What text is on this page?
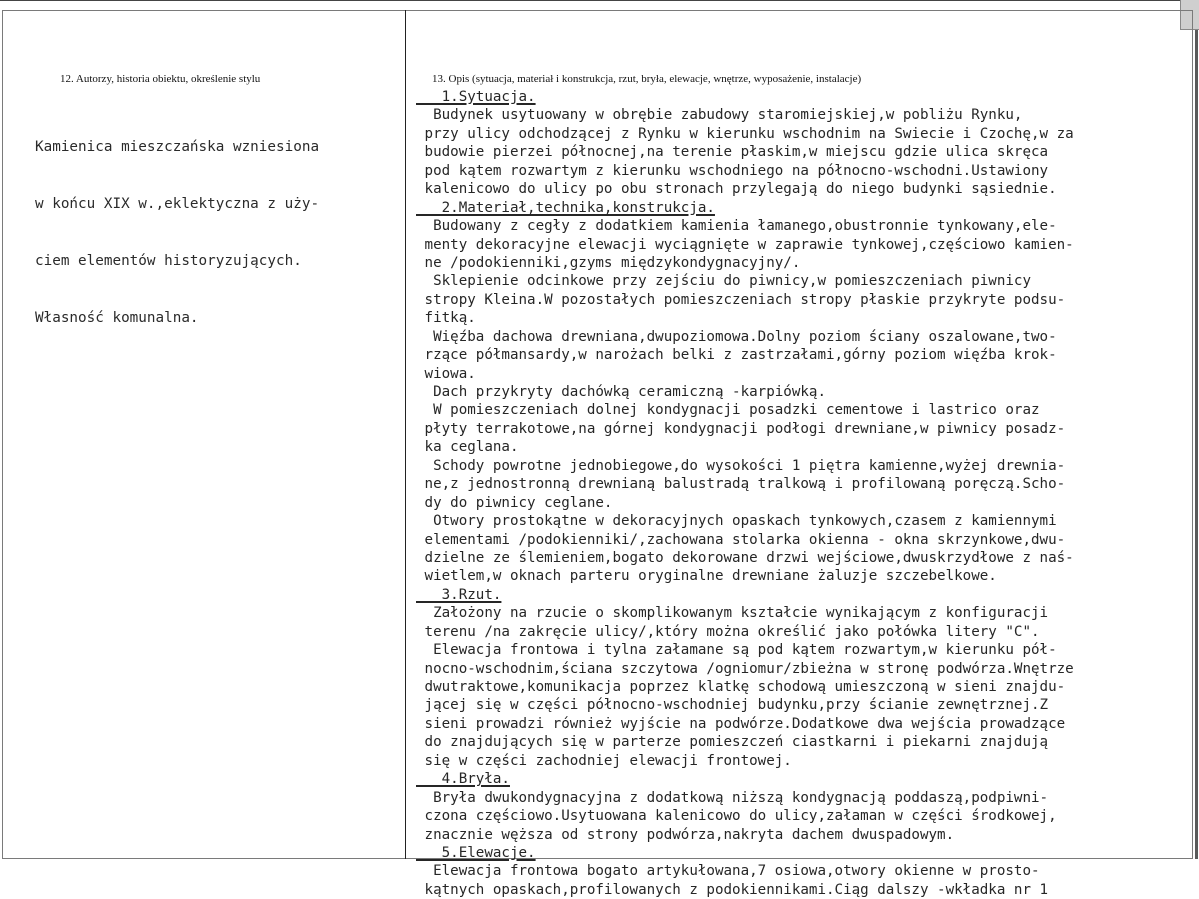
12. Autorzy, historia obiektu, określenie stylu	13. Opis (sytuacja, materiał i konstrukcja, rzut, bryła, elewacje, wnętrze, wyposażenie, instalacje)

Kamienica mieszczańska wzniesiona

w końcu XIX w.,eklektyczna z uży-

ciem elementów historyzujących.

Własność komunalna.

1.Sytuacja.
Budynek usytuowany w obrębie zabudowy staromiejskiej,w pobliżu Rynku,
przy ulicy odchodzącej z Rynku w kierunku wschodnim na Swiecie i Czochę,w za
budowie pierzei północnej,na terenie płaskim,w miejscu gdzie ulica skręca
pod kątem rozwartym z kierunku wschodniego na północno-wschodni.Ustawiony
kalenicowo do ulicy po obu stronach przylegają do niego budynki sąsiednie.
2.Materiał,technika,konstrukcja.
Budowany z cegły z dodatkiem kamienia łamanego,obustronnie tynkowany,ele-
menty dekoracyjne elewacji wyciągnięte w zaprawie tynkowej,częściowo kamien-
ne /podokienniki,gzyms międzykondygnacyjny/.
Sklepienie odcinkowe przy zejściu do piwnicy,w pomieszczeniach piwnicy
stropy Kleina.W pozostałych pomieszczeniach stropy płaskie przykryte podsu-
fitką.
Więźba dachowa drewniana,dwupoziomowa.Dolny poziom ściany oszalowane,two-
rzące półmansardy,w narożach belki z zastrzałami,górny poziom więźba krok-
wiowa.
Dach przykryty dachówką ceramiczną -karpiówką.
W pomieszczeniach dolnej kondygnacji posadzki cementowe i lastrico oraz
płyty terrakotowe,na górnej kondygnacji podłogi drewniane,w piwnicy posadz-
ka ceglana.
Schody powrotne jednobiegowe,do wysokości 1 piętra kamienne,wyżej drewnia-
ne,z jednostronną drewnianą balustradą tralkową i profilowaną poręczą.Scho-
dy do piwnicy ceglane.
Otwory prostokątne w dekoracyjnych opaskach tynkowych,czasem z kamiennymi
elementami /podokienniki/,zachowana stolarka okienna - okna skrzynkowe,dwu-
dzielne ze ślemieniem,bogato dekorowane drzwi wejściowe,dwuskrzydłowe z naś-
wietlem,w oknach parteru oryginalne drewniane żaluzje szczebelkowe.
3.Rzut.
Założony na rzucie o skomplikowanym kształcie wynikającym z konfiguracji
terenu /na zakręcie ulicy/,który można określić jako połówka litery "C".
Elewacja frontowa i tylna załamane są pod kątem rozwartym,w kierunku pół-
nocno-wschodnim,ściana szczytowa /ogniomur/zbieżna w stronę podwórza.Wnętrze
dwutraktowe,komunikacja poprzez klatkę schodową umieszczoną w sieni znajdu-
jącej się w części północno-wschodniej budynku,przy ścianie zewnętrznej.Z
sieni prowadzi również wyjście na podwórze.Dodatkowe dwa wejścia prowadzące
do znajdujących się w parterze pomieszczeń ciastkarni i piekarni znajdują
się w części zachodniej elewacji frontowej.
4.Bryła.
Bryła dwukondygnacyjna z dodatkową niższą kondygnacją poddaszą,podpiwni-
czona częściowo.Usytuowana kalenicowo do ulicy,załaman w części środkowej,
znacznie węższa od strony podwórza,nakryta dachem dwuspadowym.
5.Elewacje.
Elewacja frontowa bogato artykułowana,7 osiowa,otwory okienne w prosto-
kątnych opaskach,profilowanych z podokiennikami.Ciąg dalszy -wkładka nr 1
